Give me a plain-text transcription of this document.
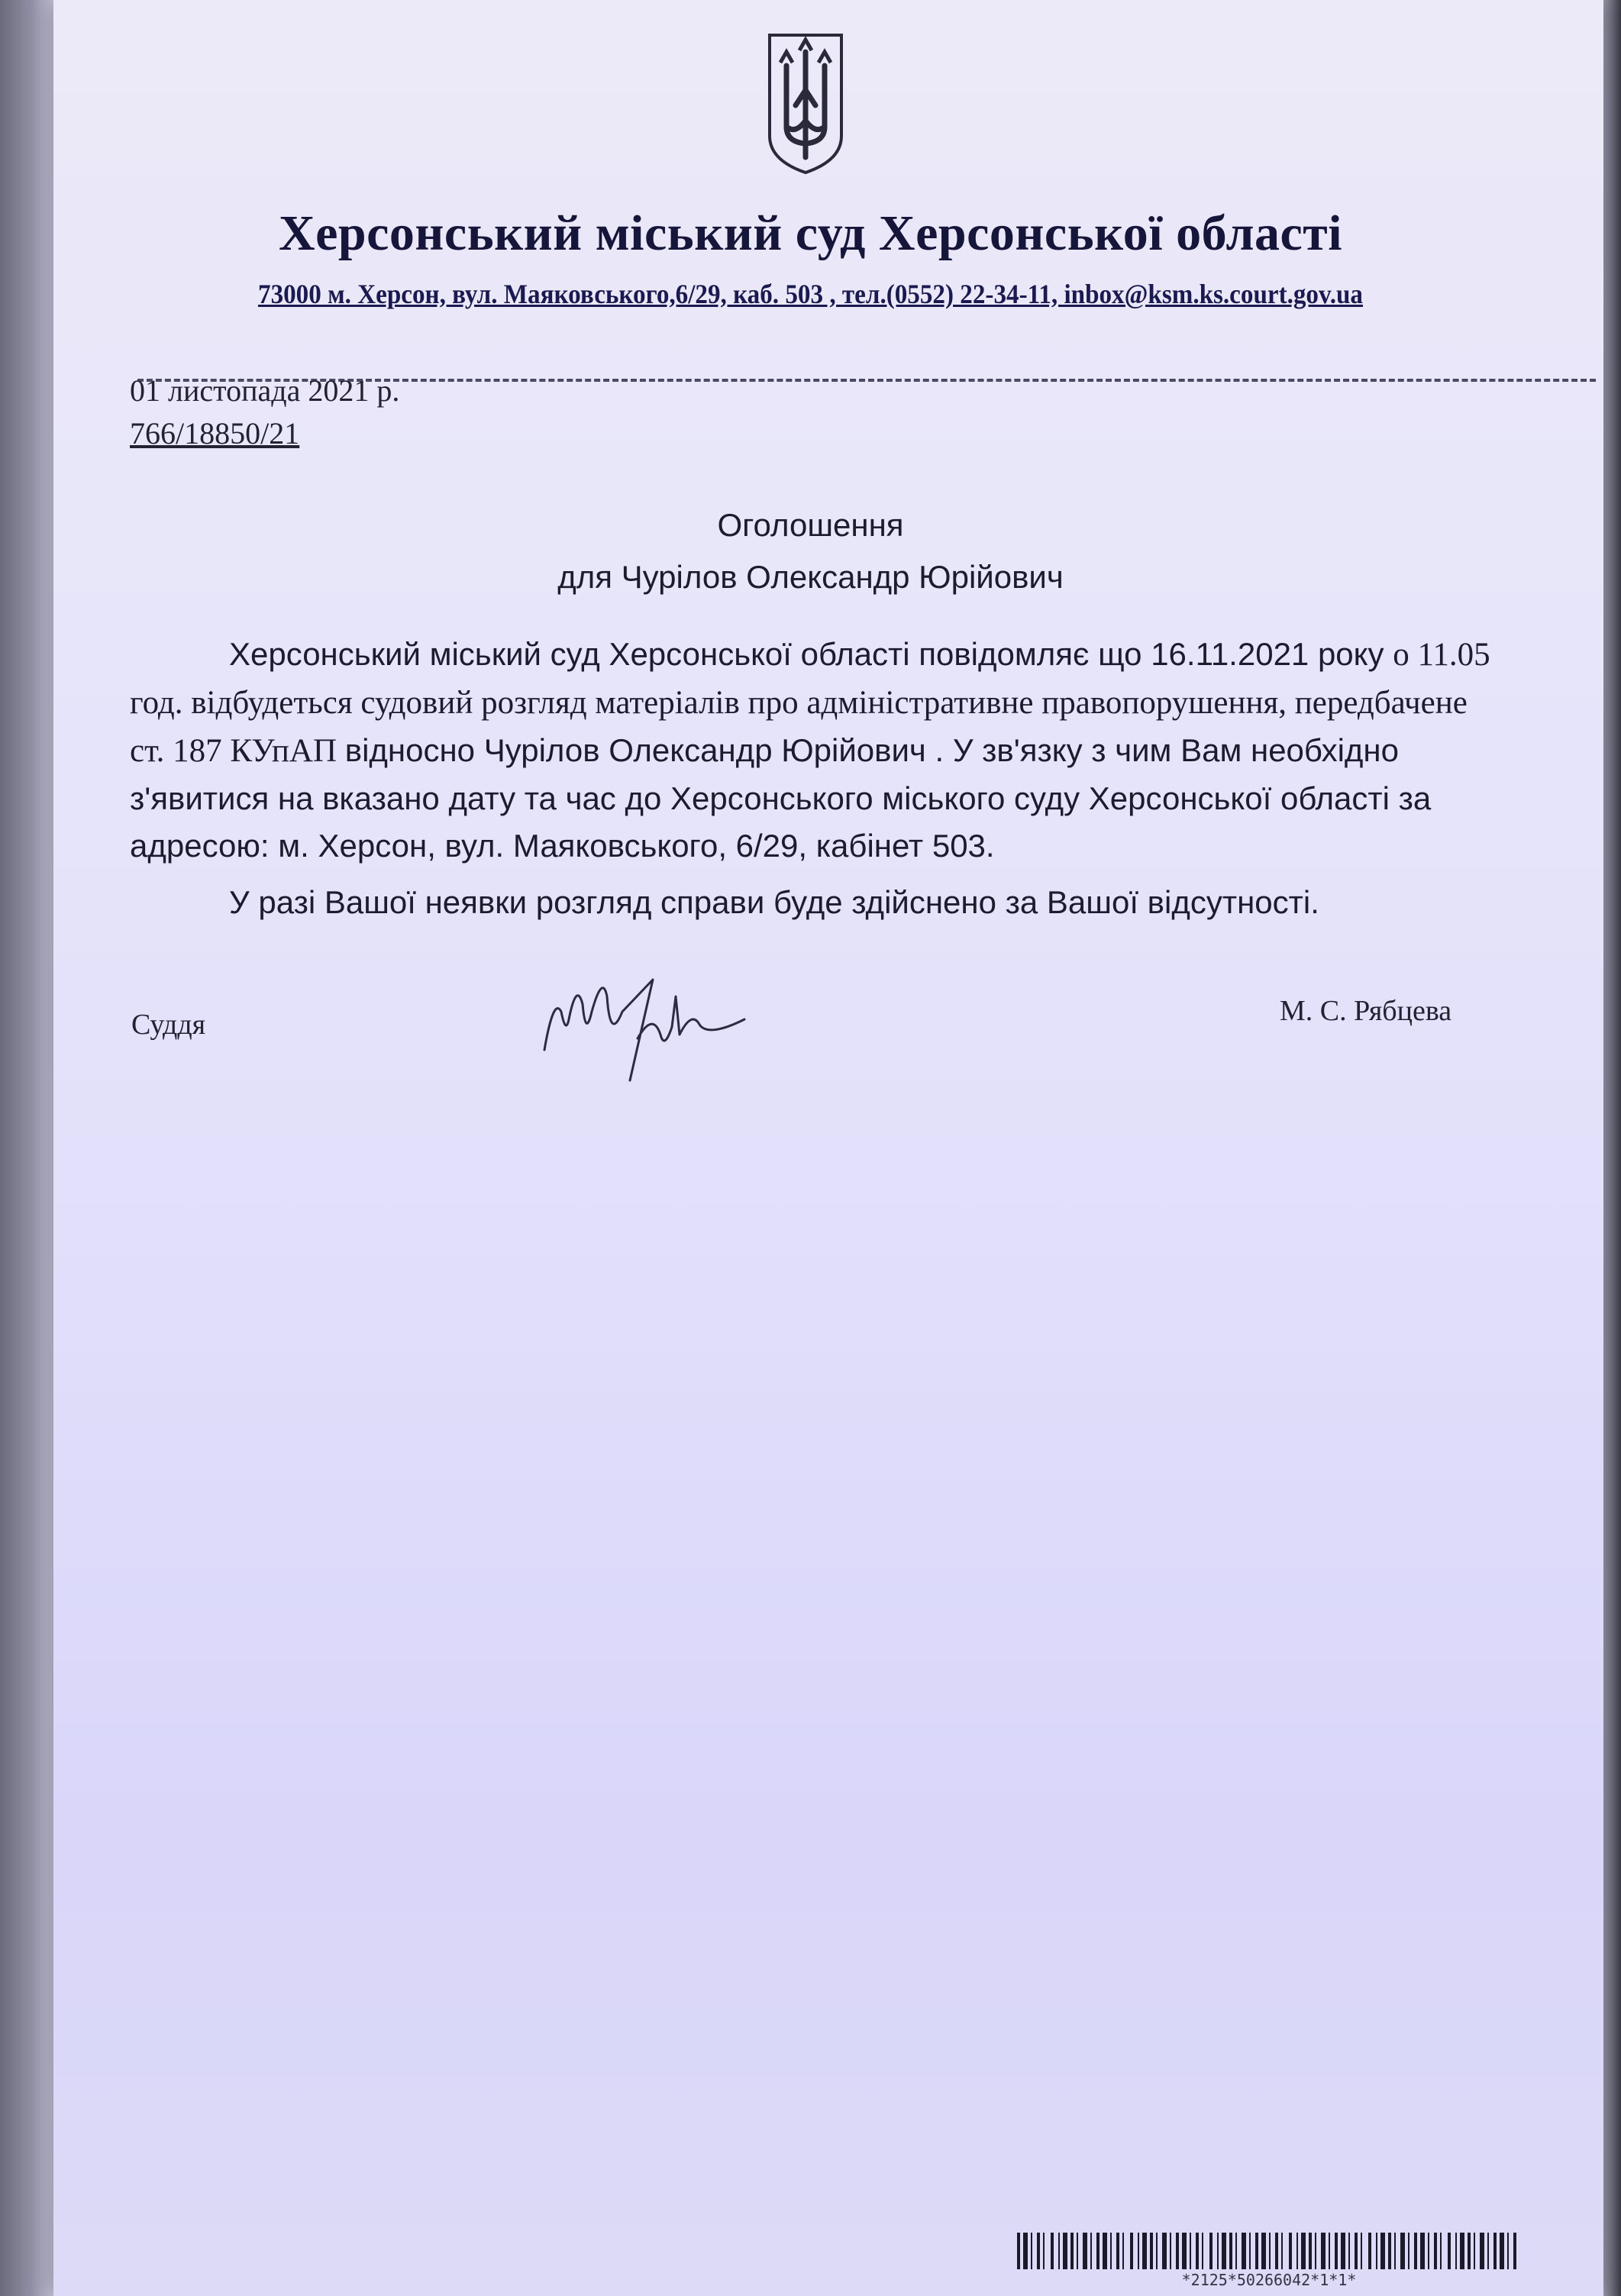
Херсонський міський суд Херсонської області
73000 м. Херсон, вул. Маяковського,6/29, каб. 503 , тел.(0552) 22-34-11, inbox@ksm.ks.court.gov.ua
01 листопада 2021 р.
766/18850/21
Оголошення
для Чурілов Олександр Юрійович

Херсонський міський суд Херсонської області повідомляє що 16.11.2021 року о 11.05 год. відбудеться судовий розгляд матеріалів про адміністративне правопорушення, передбачене ст. 187 КУпАП відносно Чурілов Олександр Юрійович . У зв'язку з чим Вам необхідно з'явитися на вказано дату та час до Херсонського міського суду Херсонської області за адресою: м. Херсон, вул. Маяковського, 6/29, кабінет 503.

У разі Вашої неявки розгляд справи буде здійснено за Вашої відсутності.

Суддя	М. С. Рябцева
*2125*50266042*1*1*
